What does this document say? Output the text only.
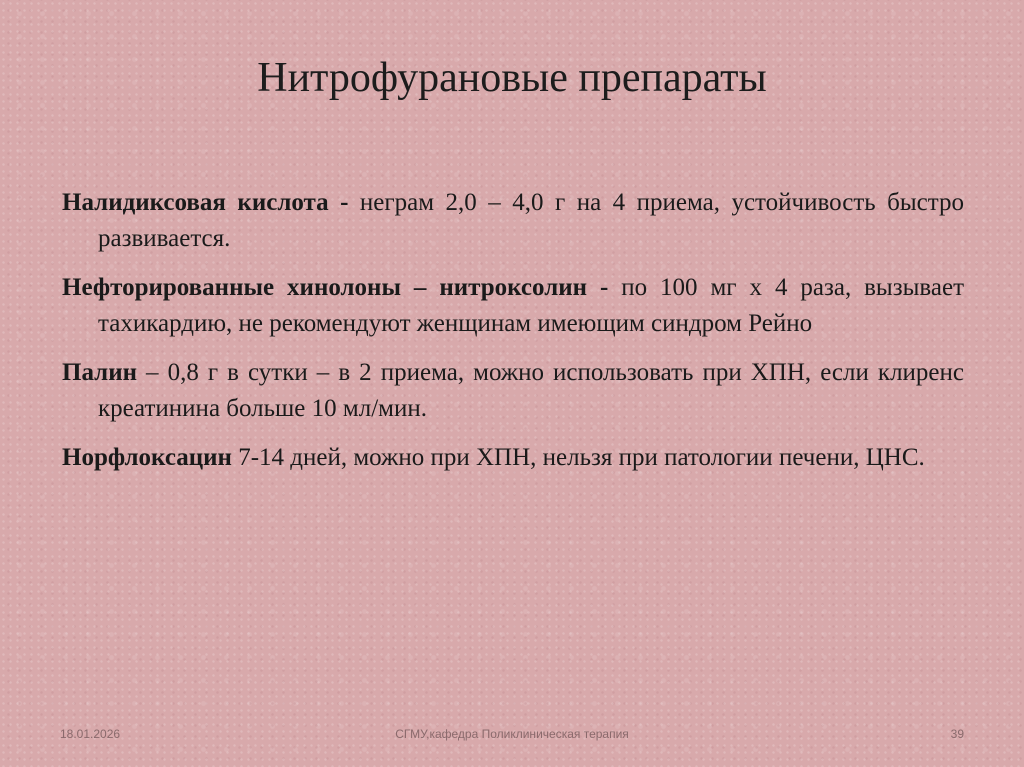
Нитрофурановые препараты

Налидиксовая кислота - неграм 2,0 – 4,0 г на 4 приема, устойчивость быстро развивается.

Нефторированные хинолоны – нитроксолин - по 100 мг х 4 раза, вызывает тахикардию, не рекомендуют женщинам имеющим синдром Рейно

Палин – 0,8 г в сутки – в 2 приема, можно использовать при ХПН, если клиренс креатинина больше 10 мл/мин.

Норфлоксацин 7-14 дней, можно при ХПН, нельзя при патологии печени, ЦНС.

18.01.2026	СГМУ,кафедра Поликлиническая терапия	39
